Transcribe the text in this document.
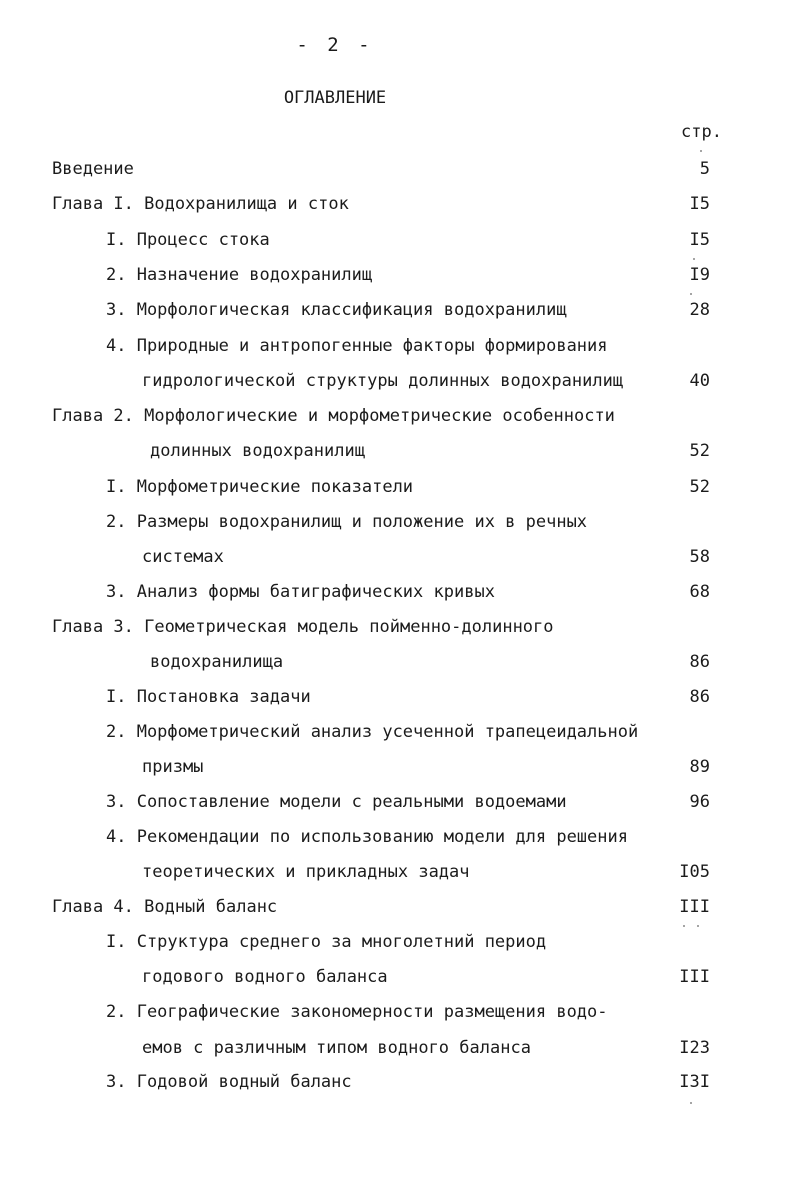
- 2 -
ОГЛАВЛЕНИЕ
стр.
Введение	5
Глава I. Водохранилища и сток	I5
I. Процесс стока	I5
2. Назначение водохранилищ	I9
3. Морфологическая классификация водохранилищ	28
4. Природные и антропогенные факторы формирования
гидрологической структуры долинных водохранилищ	40
Глава 2. Морфологические и морфометрические особенности
долинных водохранилищ	52
I. Морфометрические показатели	52
2. Размеры водохранилищ и положение их в речных
системах	58
3. Анализ формы батиграфических кривых	68
Глава 3. Геометрическая модель пойменно-долинного
водохранилища	86
I. Постановка задачи	86
2. Морфометрический анализ усеченной трапецеидальной
призмы	89
3. Сопоставление модели с реальными водоемами	96
4. Рекомендации по использованию модели для решения
теоретических и прикладных задач	I05
Глава 4. Водный баланс	III
I. Структура среднего за многолетний период
годового водного баланса	III
2. Географические закономерности размещения водо-
емов с различным типом водного баланса	I23
3. Годовой водный баланс	I3I
